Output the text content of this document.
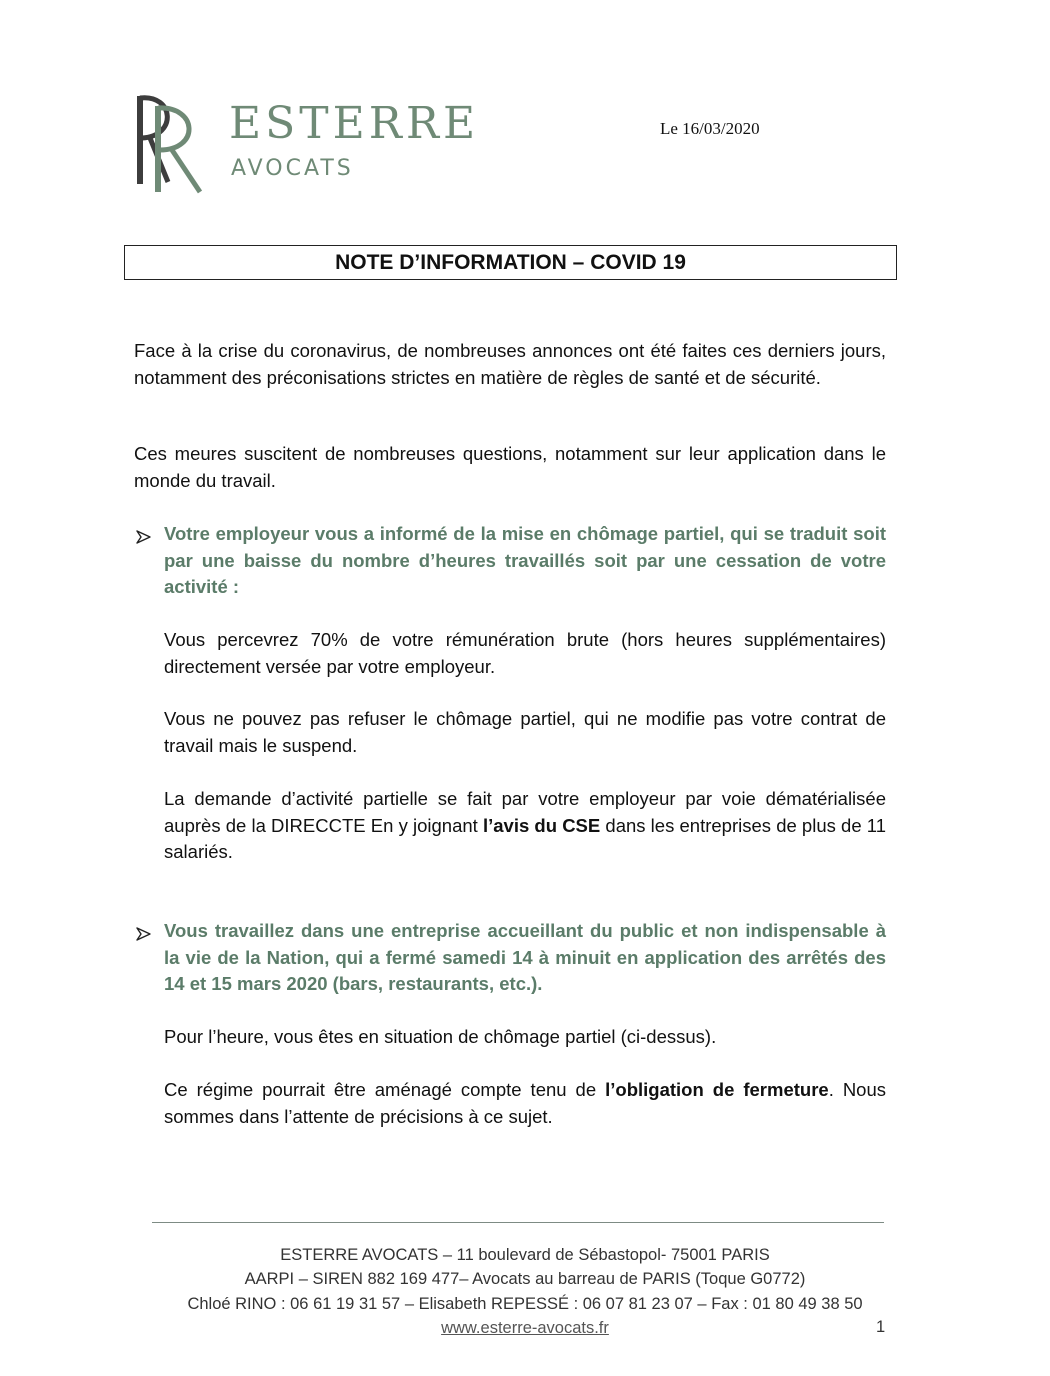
ESTERRE
AVOCATS
Le 16/03/2020
NOTE D’INFORMATION – COVID 19
Face à la crise du coronavirus, de nombreuses annonces ont été faites ces derniers jours, notamment des préconisations strictes en matière de règles de santé et de sécurité.
Ces meures suscitent de nombreuses questions, notamment sur leur application dans le monde du travail.
Votre employeur vous a informé de la mise en chômage partiel, qui se traduit soit par une baisse du nombre d’heures travaillés soit par une cessation de votre activité :
Vous percevrez 70% de votre rémunération brute (hors heures supplémentaires) directement versée par votre employeur.
Vous ne pouvez pas refuser le chômage partiel, qui ne modifie pas votre contrat de travail mais le suspend.
La demande d’activité partielle se fait par votre employeur par voie dématérialisée auprès de la DIRECCTE En y joignant l’avis du CSE dans les entreprises de plus de 11 salariés.
Vous travaillez dans une entreprise accueillant du public et non indispensable à la vie de la Nation, qui a fermé samedi 14 à minuit en application des arrêtés des 14 et 15 mars 2020 (bars, restaurants, etc.).
Pour l’heure, vous êtes en situation de chômage partiel (ci-dessus).
Ce régime pourrait être aménagé compte tenu de l’obligation de fermeture. Nous sommes dans l’attente de précisions à ce sujet.
ESTERRE AVOCATS – 11 boulevard de Sébastopol- 75001 PARIS
AARPI – SIREN 882 169 477– Avocats au barreau de PARIS (Toque G0772)
Chloé RINO : 06 61 19 31 57 – Elisabeth REPESSÉ : 06 07 81 23 07 – Fax : 01 80 49 38 50
www.esterre-avocats.fr	1
